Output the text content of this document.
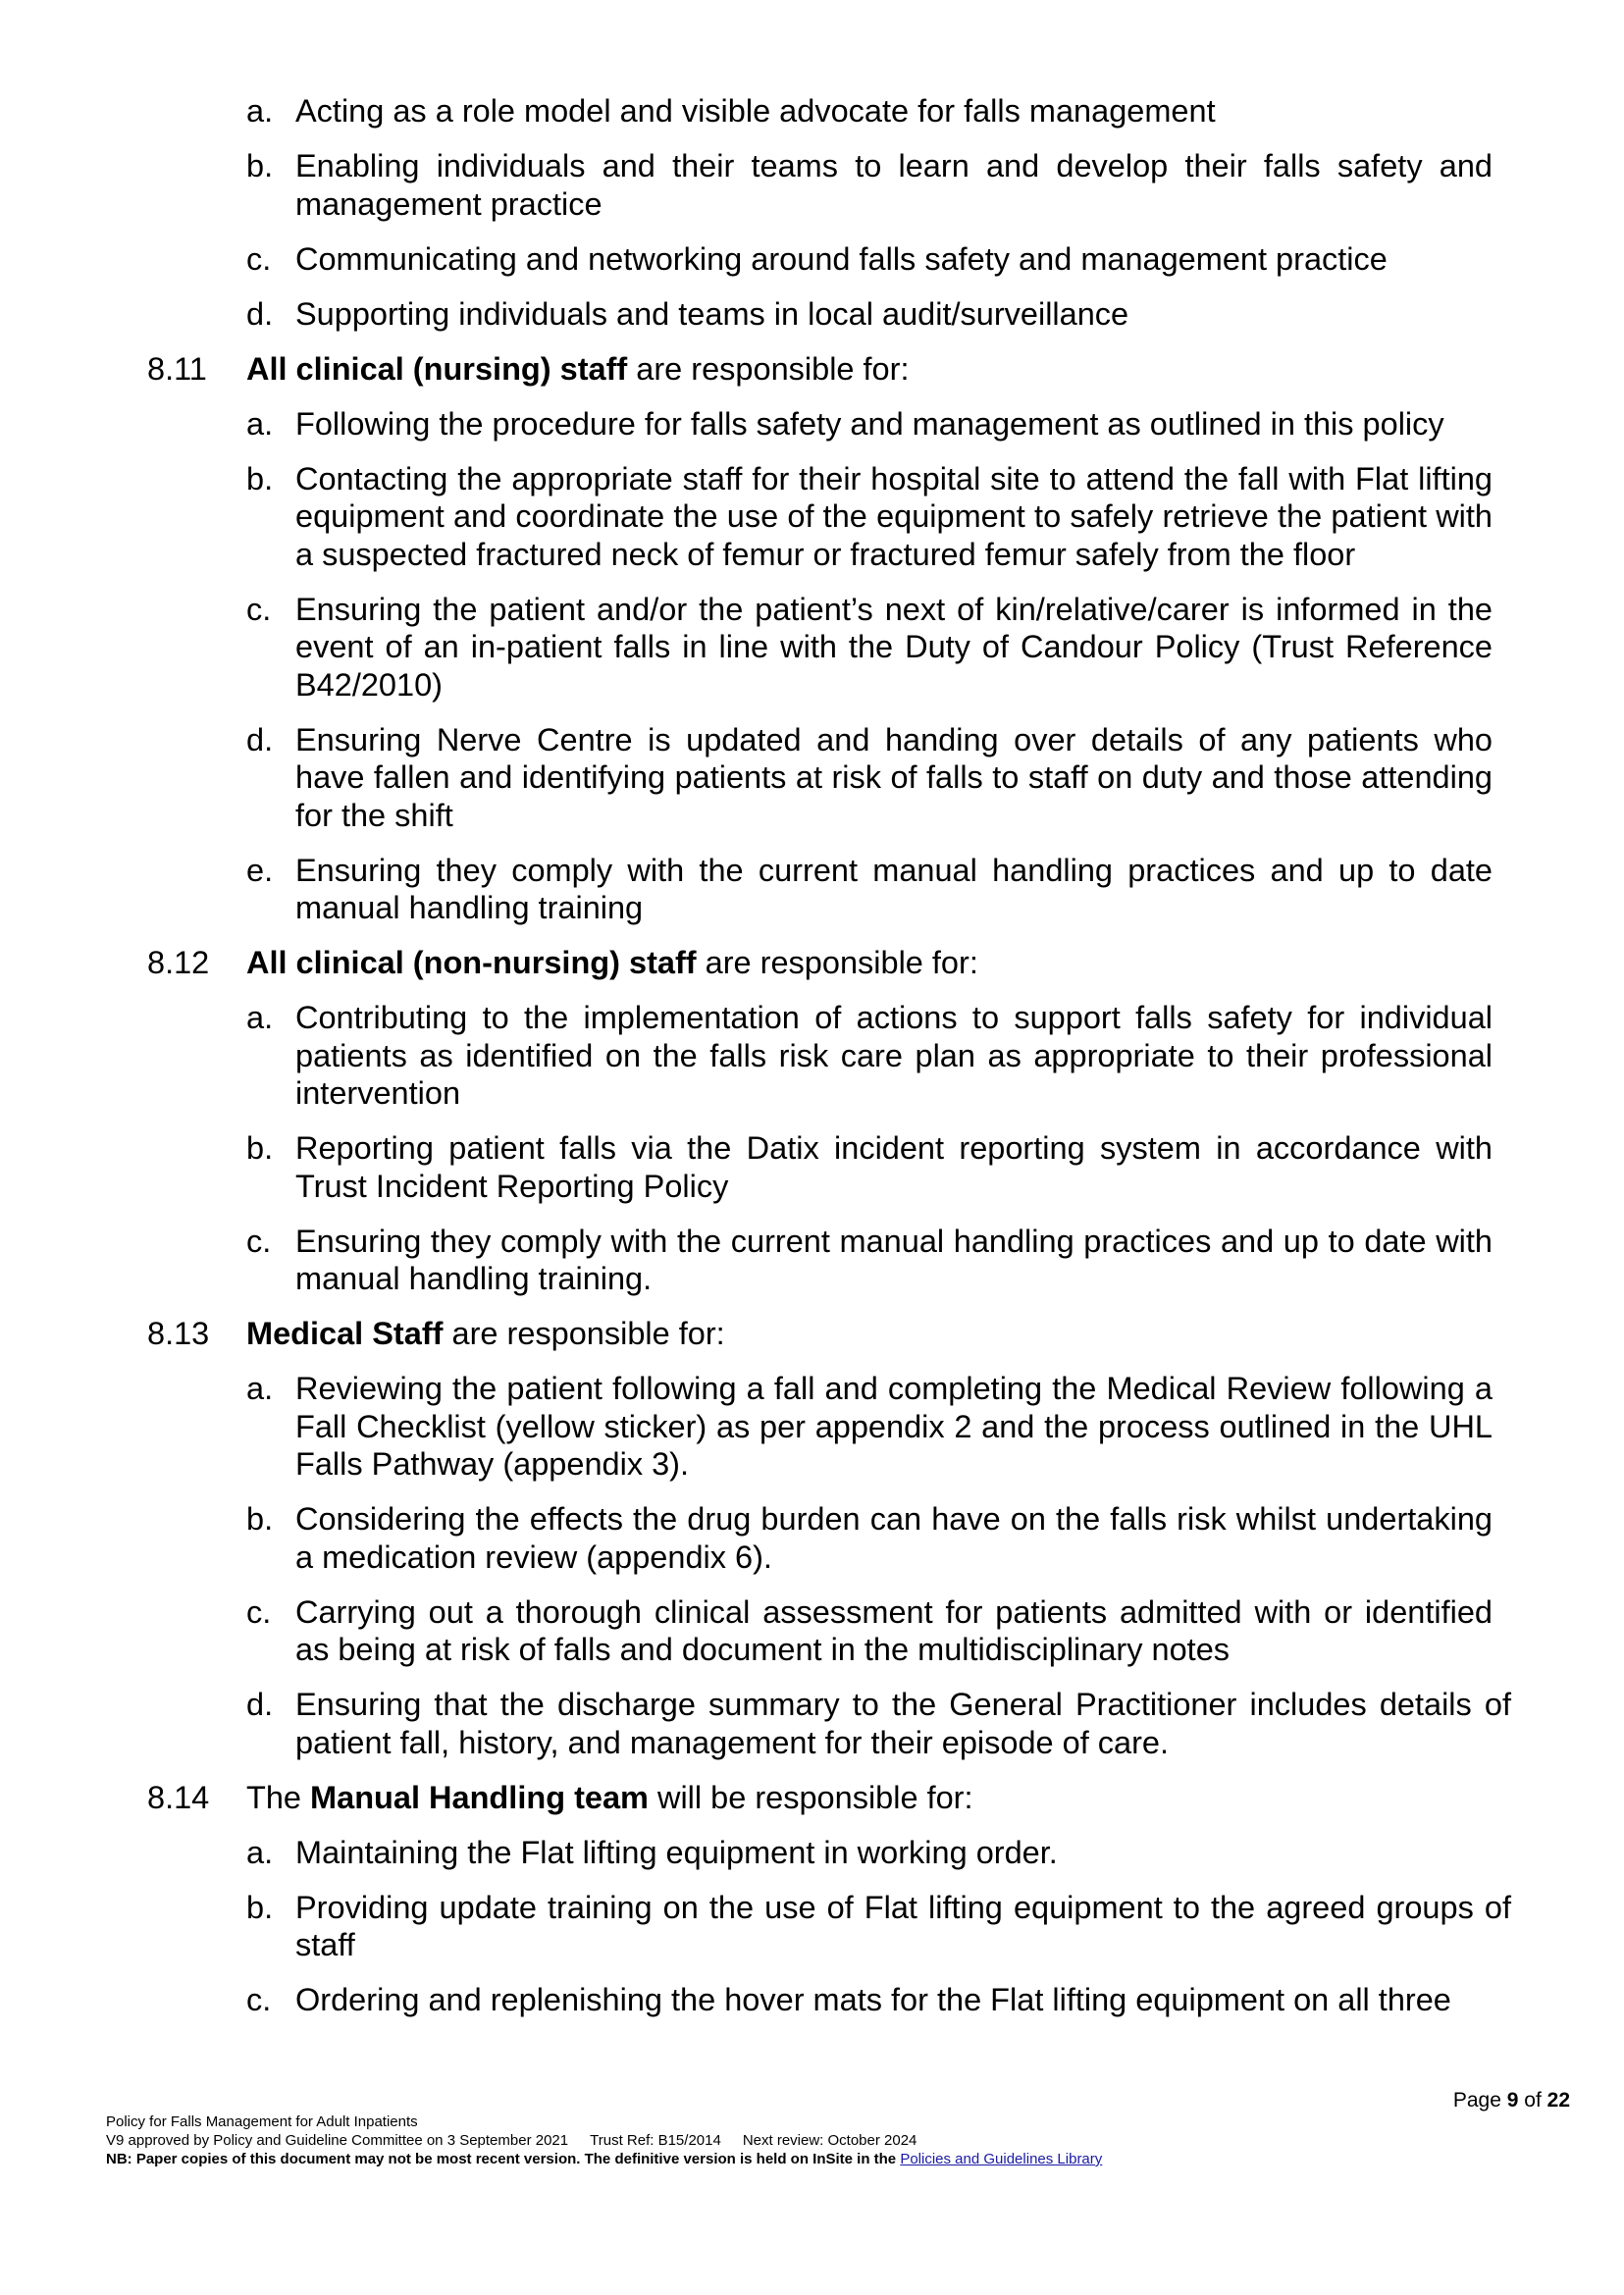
a. Acting as a role model and visible advocate for falls management
b. Enabling individuals and their teams to learn and develop their falls safety and management practice
c. Communicating and networking around falls safety and management practice
d. Supporting individuals and teams in local audit/surveillance
8.11	All clinical (nursing) staff are responsible for:
a. Following the procedure for falls safety and management as outlined in this policy
b. Contacting the appropriate staff for their hospital site to attend the fall with Flat lifting equipment and coordinate the use of the equipment to safely retrieve the patient with a suspected fractured neck of femur or fractured femur safely from the floor
c. Ensuring the patient and/or the patient’s next of kin/relative/carer is informed in the event of an in-patient falls in line with the Duty of Candour Policy (Trust Reference B42/2010)
d. Ensuring Nerve Centre is updated and handing over details of any patients who have fallen and identifying patients at risk of falls to staff on duty and those attending for the shift
e. Ensuring they comply with the current manual handling practices and up to date manual handling training
8.12	All clinical (non-nursing) staff are responsible for:
a. Contributing to the implementation of actions to support falls safety for individual patients as identified on the falls risk care plan as appropriate to their professional intervention
b. Reporting patient falls via the Datix incident reporting system in accordance with Trust Incident Reporting Policy
c. Ensuring they comply with the current manual handling practices and up to date with manual handling training.
8.13	Medical Staff are responsible for:
a. Reviewing the patient following a fall and completing the Medical Review following a Fall Checklist (yellow sticker) as per appendix 2 and the process outlined in the UHL Falls Pathway (appendix 3).
b. Considering the effects the drug burden can have on the falls risk whilst undertaking a medication review (appendix 6).
c. Carrying out a thorough clinical assessment for patients admitted with or identified as being at risk of falls and document in the multidisciplinary notes
d. Ensuring that the discharge summary to the General Practitioner includes details of patient fall, history, and management for their episode of care.
8.14	The Manual Handling team will be responsible for:
a. Maintaining the Flat lifting equipment in working order.
b. Providing update training on the use of Flat lifting equipment to the agreed groups of staff
c. Ordering and replenishing the hover mats for the Flat lifting equipment on all three
Page 9 of 22
Policy for Falls Management for Adult Inpatients
V9 approved by Policy and Guideline Committee on 3 September 2021 Trust Ref: B15/2014 Next review: October 2024
NB: Paper copies of this document may not be most recent version. The definitive version is held on InSite in the Policies and Guidelines Library
